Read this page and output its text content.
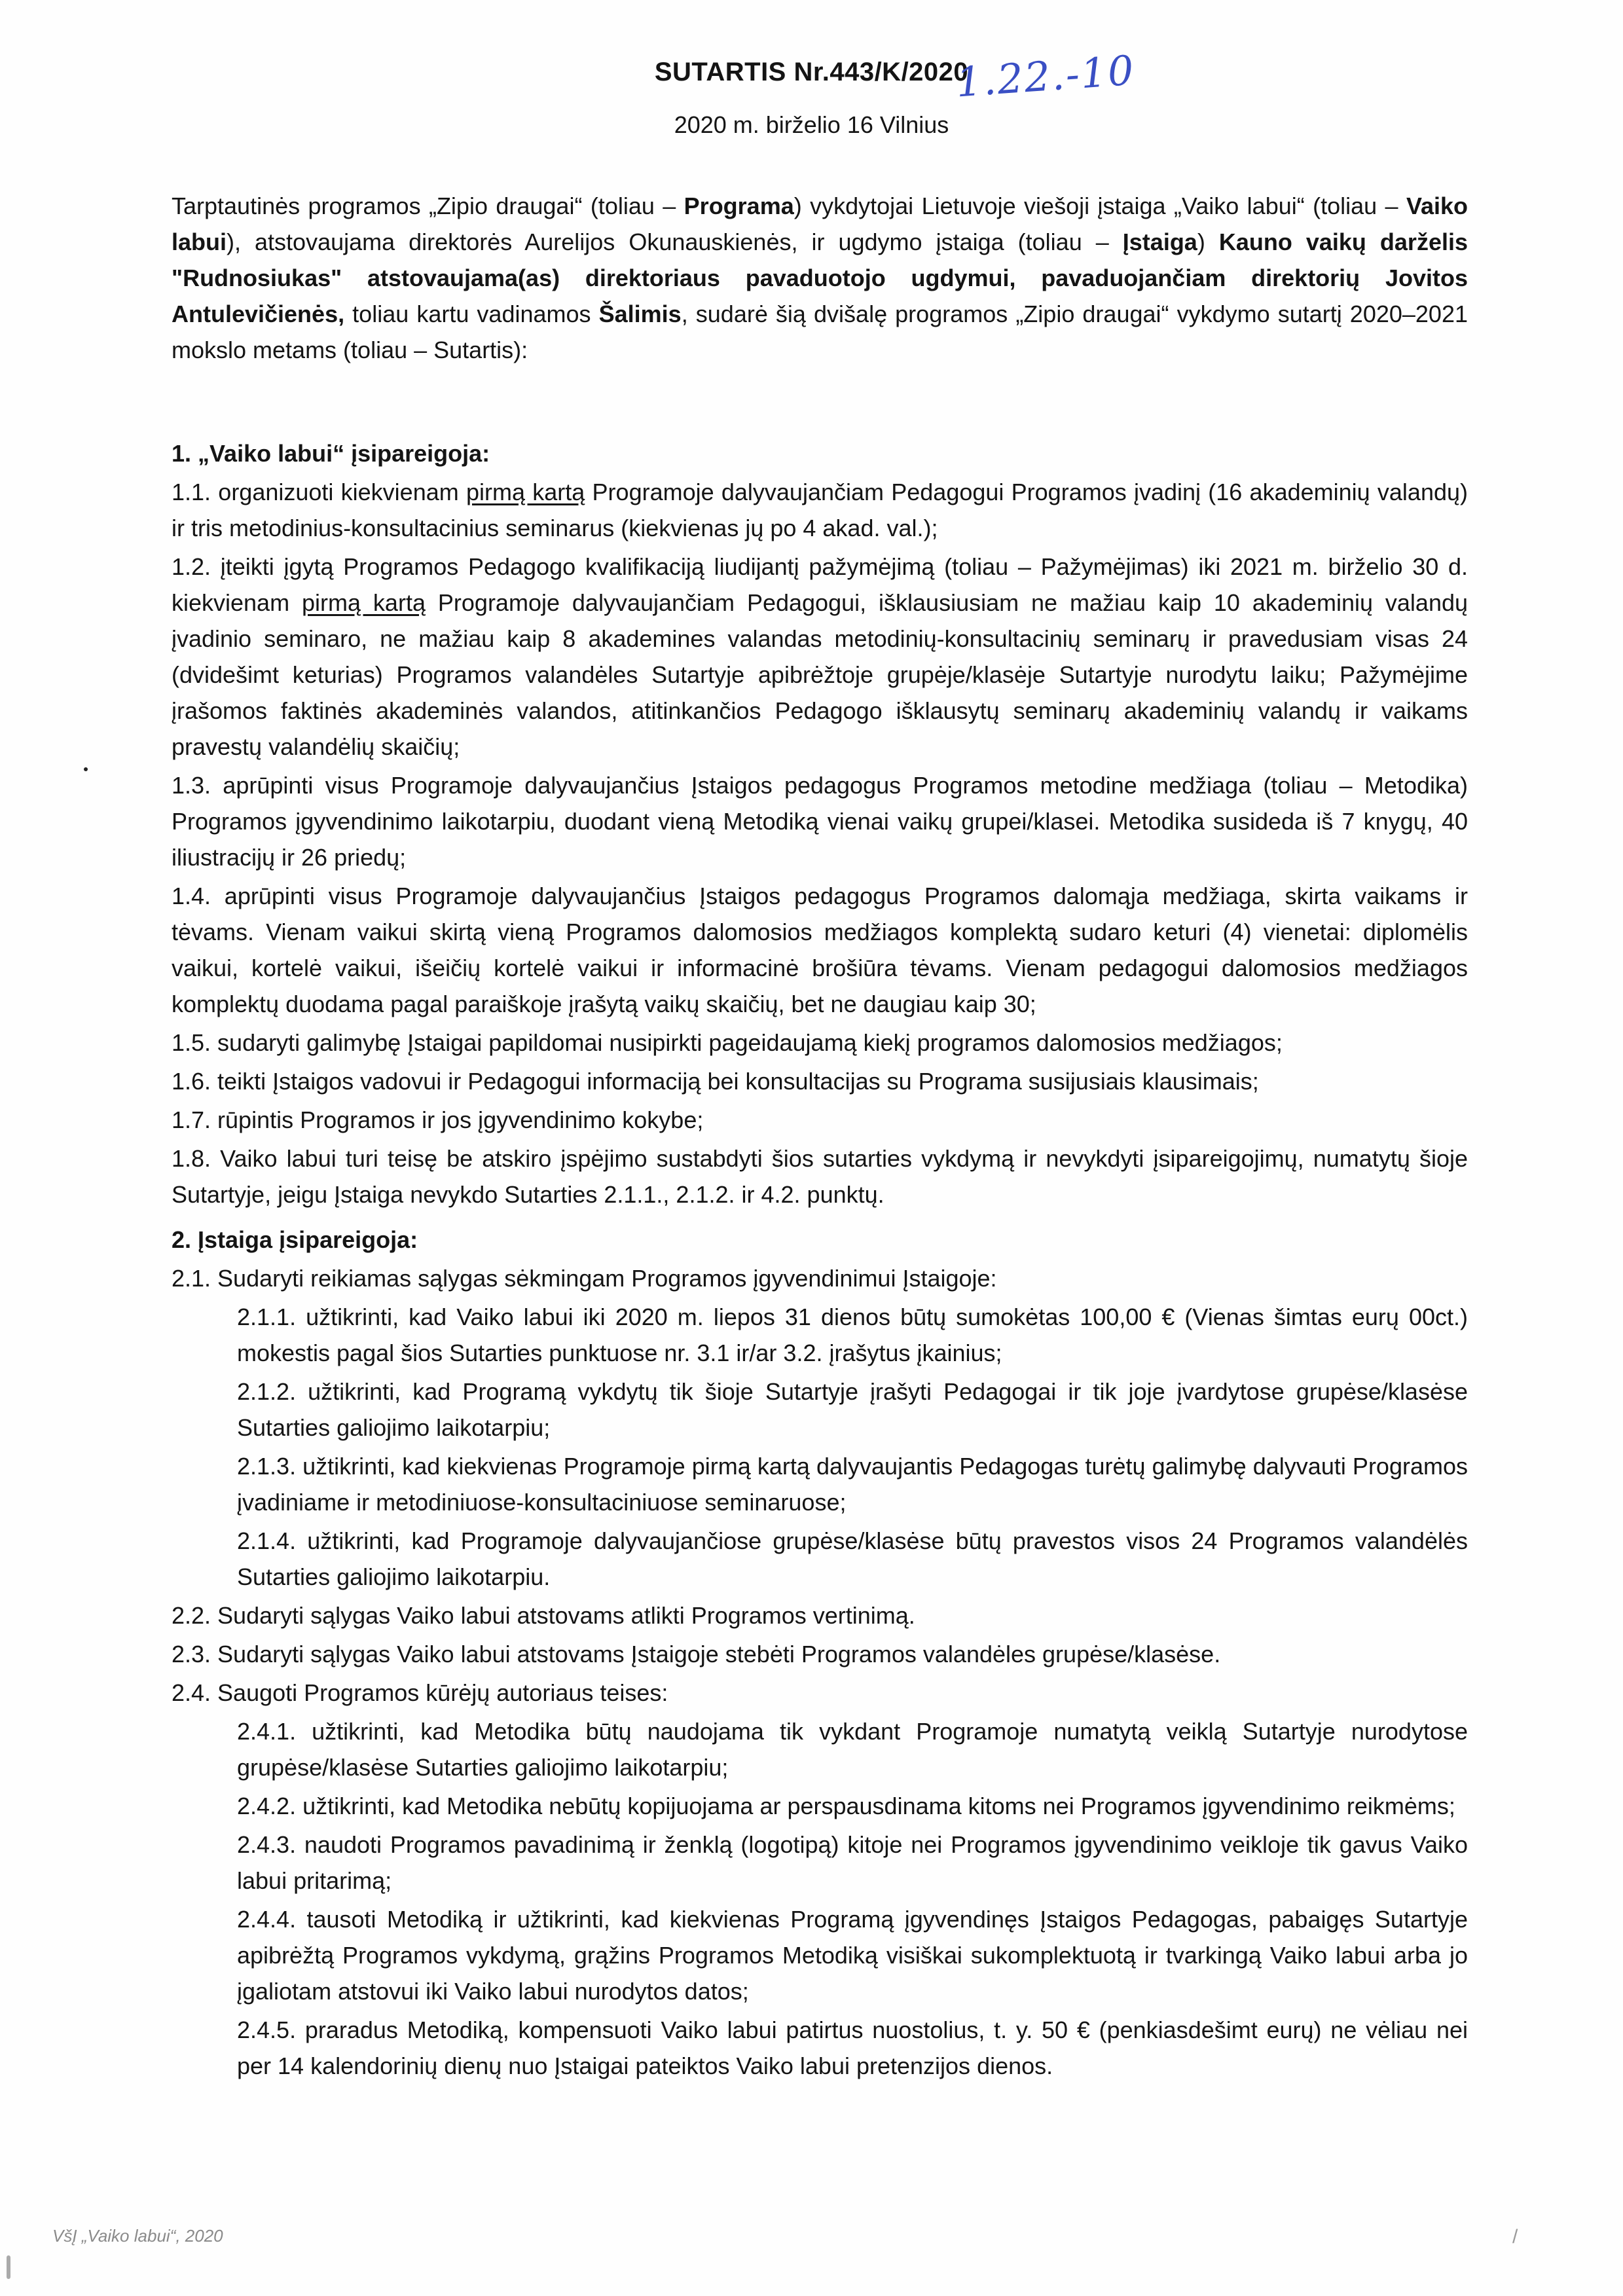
SUTARTIS Nr.443/K/2020
1.22.-10
2020 m. birželio 16 Vilnius
Tarptautinės programos „Zipio draugai“ (toliau – Programa) vykdytojai Lietuvoje viešoji įstaiga „Vaiko labui“ (toliau – Vaiko labui), atstovaujama direktorės Aurelijos Okunauskienės, ir ugdymo įstaiga (toliau – Įstaiga) Kauno vaikų darželis "Rudnosiukas" atstovaujama(as) direktoriaus pavaduotojo ugdymui, pavaduojančiam direktorių Jovitos Antulevičienės, toliau kartu vadinamos Šalimis, sudarė šią dvišalę programos „Zipio draugai“ vykdymo sutartį 2020–2021 mokslo metams (toliau – Sutartis):
1. „Vaiko labui“ įsipareigoja:
1.1. organizuoti kiekvienam pirmą kartą Programoje dalyvaujančiam Pedagogui Programos įvadinį (16 akademinių valandų) ir tris metodinius-konsultacinius seminarus (kiekvienas jų po 4 akad. val.);
1.2. įteikti įgytą Programos Pedagogo kvalifikaciją liudijantį pažymėjimą (toliau – Pažymėjimas) iki 2021 m. birželio 30 d. kiekvienam pirmą kartą Programoje dalyvaujančiam Pedagogui, išklausiusiam ne mažiau kaip 10 akademinių valandų įvadinio seminaro, ne mažiau kaip 8 akademines valandas metodinių-konsultacinių seminarų ir pravedusiam visas 24 (dvidešimt keturias) Programos valandėles Sutartyje apibrėžtoje grupėje/klasėje Sutartyje nurodytu laiku; Pažymėjime įrašomos faktinės akademinės valandos, atitinkančios Pedagogo išklausytų seminarų akademinių valandų ir vaikams pravestų valandėlių skaičių;
1.3. aprūpinti visus Programoje dalyvaujančius Įstaigos pedagogus Programos metodine medžiaga (toliau – Metodika) Programos įgyvendinimo laikotarpiu, duodant vieną Metodiką vienai vaikų grupei/klasei. Metodika susideda iš 7 knygų, 40 iliustracijų ir 26 priedų;
1.4. aprūpinti visus Programoje dalyvaujančius Įstaigos pedagogus Programos dalomąja medžiaga, skirta vaikams ir tėvams. Vienam vaikui skirtą vieną Programos dalomosios medžiagos komplektą sudaro keturi (4) vienetai: diplomėlis vaikui, kortelė vaikui, išeičių kortelė vaikui ir informacinė brošiūra tėvams. Vienam pedagogui dalomosios medžiagos komplektų duodama pagal paraiškoje įrašytą vaikų skaičių, bet ne daugiau kaip 30;
1.5. sudaryti galimybę Įstaigai papildomai nusipirkti pageidaujamą kiekį programos dalomosios medžiagos;
1.6. teikti Įstaigos vadovui ir Pedagogui informaciją bei konsultacijas su Programa susijusiais klausimais;
1.7. rūpintis Programos ir jos įgyvendinimo kokybe;
1.8. Vaiko labui turi teisę be atskiro įspėjimo sustabdyti šios sutarties vykdymą ir nevykdyti įsipareigojimų, numatytų šioje Sutartyje, jeigu Įstaiga nevykdo Sutarties 2.1.1., 2.1.2. ir 4.2. punktų.
2. Įstaiga įsipareigoja:
2.1. Sudaryti reikiamas sąlygas sėkmingam Programos įgyvendinimui Įstaigoje:
2.1.1. užtikrinti, kad Vaiko labui iki 2020 m. liepos 31 dienos būtų sumokėtas 100,00 € (Vienas šimtas eurų 00ct.) mokestis pagal šios Sutarties punktuose nr. 3.1 ir/ar 3.2. įrašytus įkainius;
2.1.2. užtikrinti, kad Programą vykdytų tik šioje Sutartyje įrašyti Pedagogai ir tik joje įvardytose grupėse/klasėse Sutarties galiojimo laikotarpiu;
2.1.3. užtikrinti, kad kiekvienas Programoje pirmą kartą dalyvaujantis Pedagogas turėtų galimybę dalyvauti Programos įvadiniame ir metodiniuose-konsultaciniuose seminaruose;
2.1.4. užtikrinti, kad Programoje dalyvaujančiose grupėse/klasėse būtų pravestos visos 24 Programos valandėlės Sutarties galiojimo laikotarpiu.
2.2. Sudaryti sąlygas Vaiko labui atstovams atlikti Programos vertinimą.
2.3. Sudaryti sąlygas Vaiko labui atstovams Įstaigoje stebėti Programos valandėles grupėse/klasėse.
2.4. Saugoti Programos kūrėjų autoriaus teises:
2.4.1. užtikrinti, kad Metodika būtų naudojama tik vykdant Programoje numatytą veiklą Sutartyje nurodytose grupėse/klasėse Sutarties galiojimo laikotarpiu;
2.4.2. užtikrinti, kad Metodika nebūtų kopijuojama ar perspausdinama kitoms nei Programos įgyvendinimo reikmėms;
2.4.3. naudoti Programos pavadinimą ir ženklą (logotipą) kitoje nei Programos įgyvendinimo veikloje tik gavus Vaiko labui pritarimą;
2.4.4. tausoti Metodiką ir užtikrinti, kad kiekvienas Programą įgyvendinęs Įstaigos Pedagogas, pabaigęs Sutartyje apibrėžtą Programos vykdymą, grąžins Programos Metodiką visiškai sukomplektuotą ir tvarkingą Vaiko labui arba jo įgaliotam atstovui iki Vaiko labui nurodytos datos;
2.4.5. praradus Metodiką, kompensuoti Vaiko labui patirtus nuostolius, t. y. 50 € (penkiasdešimt eurų) ne vėliau nei per 14 kalendorinių dienų nuo Įstaigai pateiktos Vaiko labui pretenzijos dienos.
VšĮ „Vaiko labui“, 2020	/
